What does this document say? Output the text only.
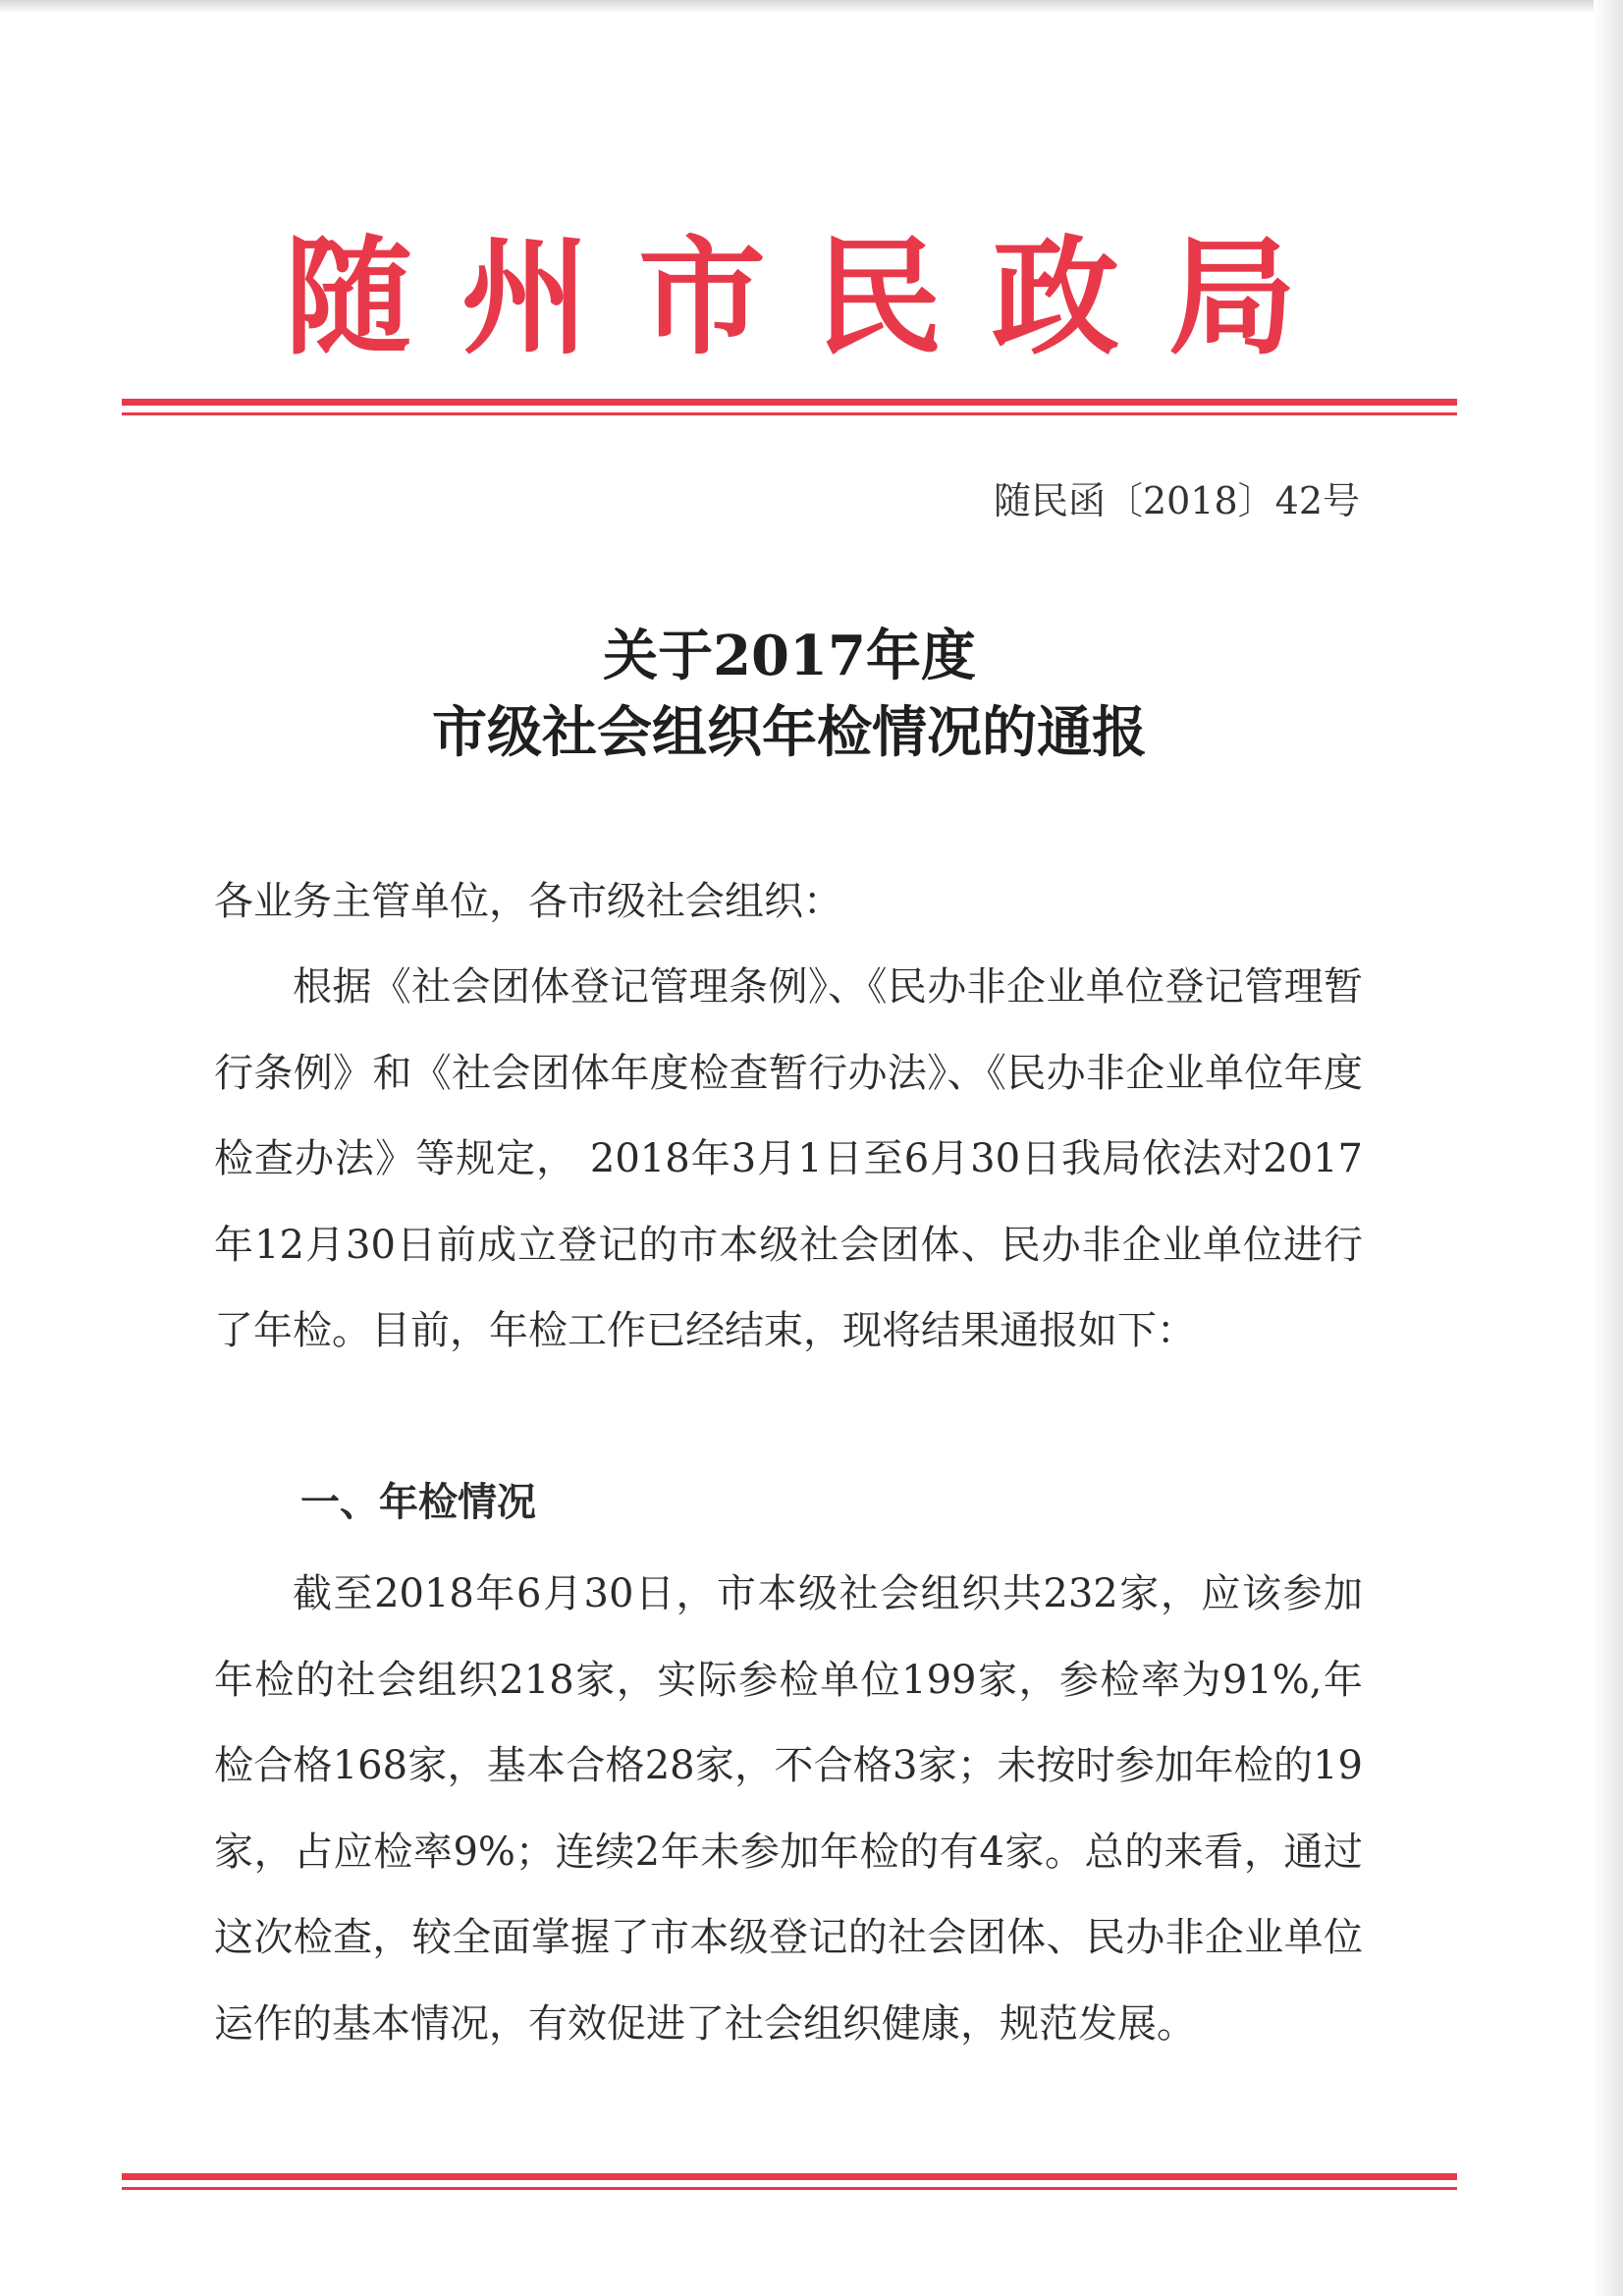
随 州 市 民 政 局
随民函〔2018〕42号
关于2017年度
市级社会组织年检情况的通报
各业务主管单位，各市级社会组织：
根据《社会团体登记管理条例》、《民办非企业单位登记管理暂行条例》和《社会团体年度检查暂行办法》、《民办非企业单位年度检查办法》等规定， 2018年3月1日至6月30日我局依法对2017年12月30日前成立登记的市本级社会团体、民办非企业单位进行了年检。目前，年检工作已经结束，现将结果通报如下：
一、年检情况
截至2018年6月30日，市本级社会组织共232家，应该参加年检的社会组织218家，实际参检单位199家，参检率为91%,年检合格168家，基本合格28家，不合格3家；未按时参加年检的19家，占应检率9%；连续2年未参加年检的有4家。总的来看，通过这次检查，较全面掌握了市本级登记的社会团体、民办非企业单位运作的基本情况，有效促进了社会组织健康，规范发展。
